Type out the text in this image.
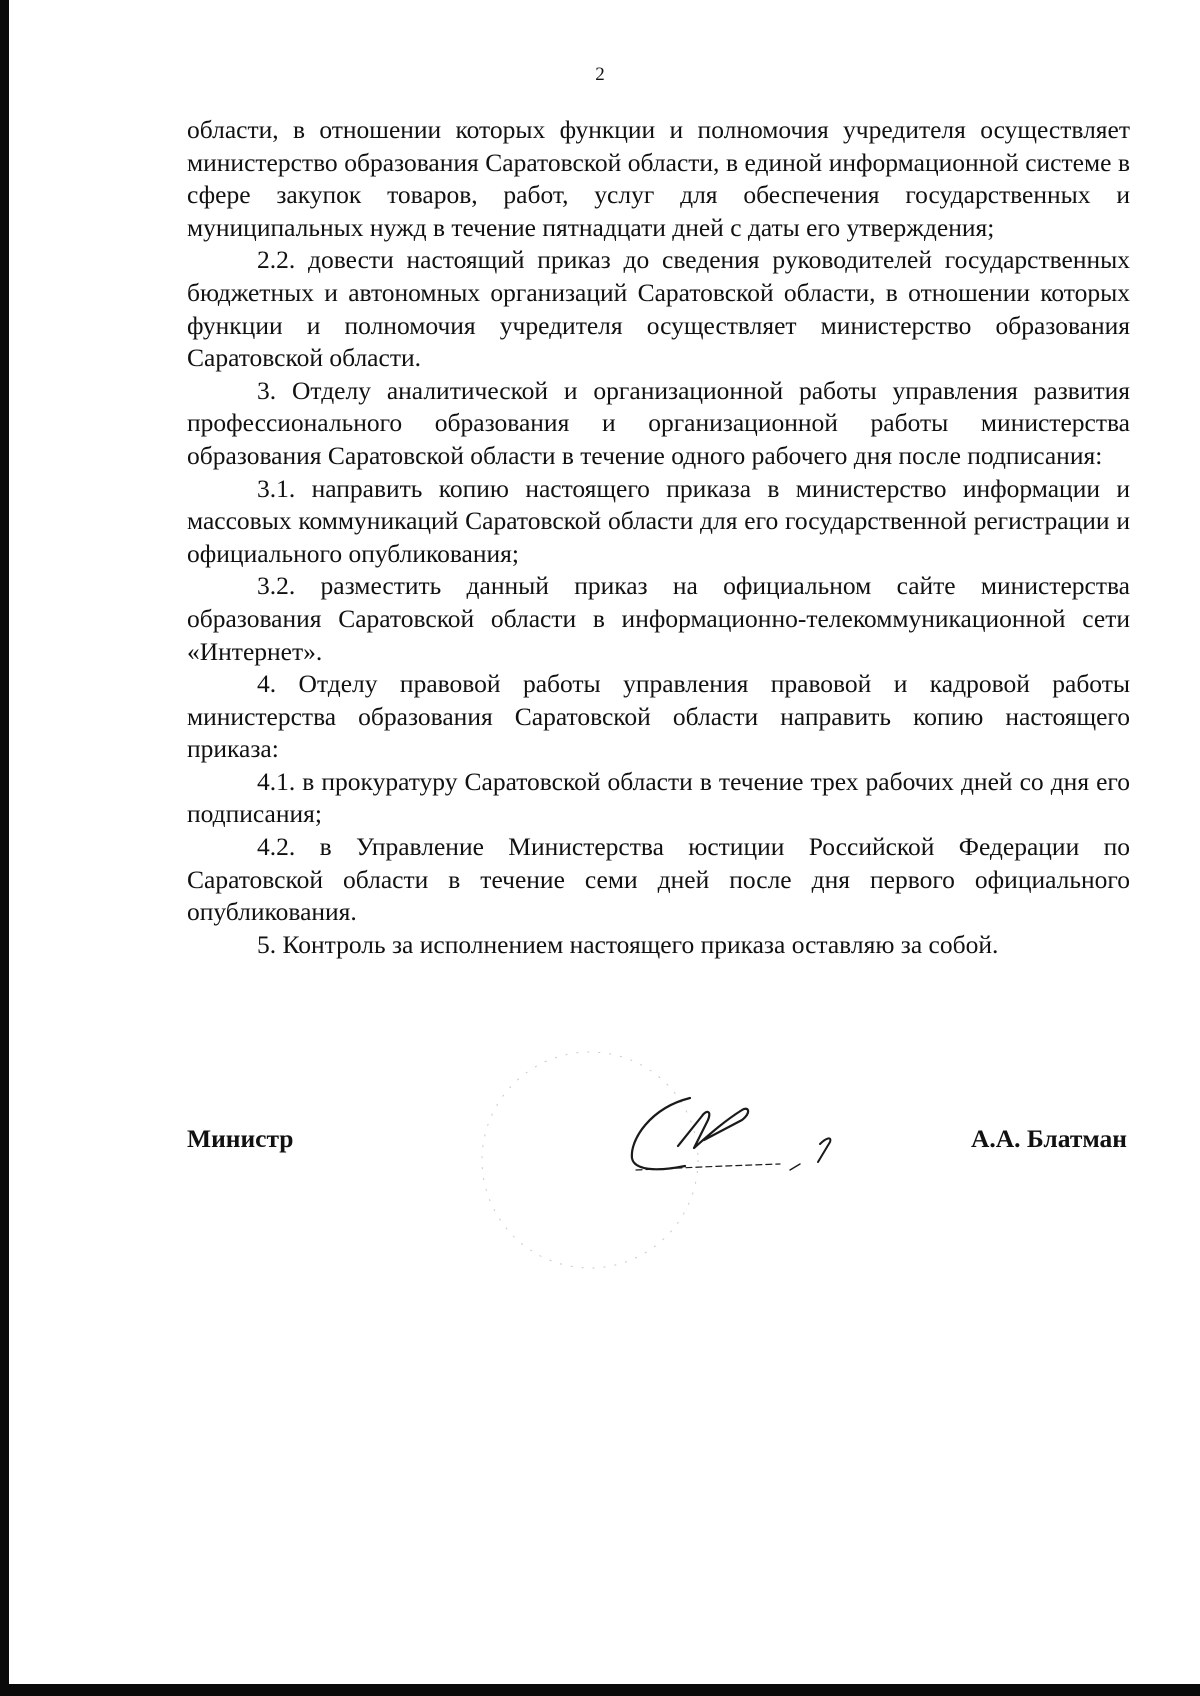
2

области, в отношении которых функции и полномочия учредителя осуществляет министерство образования Саратовской области, в единой информационной системе в сфере закупок товаров, работ, услуг для обеспечения государственных и муниципальных нужд в течение пятнадцати дней с даты его утверждения;

2.2. довести настоящий приказ до сведения руководителей государственных бюджетных и автономных организаций Саратовской области, в отношении которых функции и полномочия учредителя осуществляет министерство образования Саратовской области.

3. Отделу аналитической и организационной работы управления развития профессионального образования и организационной работы министерства образования Саратовской области в течение одного рабочего дня после подписания:

3.1. направить копию настоящего приказа в министерство информации и массовых коммуникаций Саратовской области для его государственной регистрации и официального опубликования;

3.2. разместить данный приказ на официальном сайте министерства образования Саратовской области в информационно-телекоммуникационной сети «Интернет».

4. Отделу правовой работы управления правовой и кадровой работы министерства образования Саратовской области направить копию настоящего приказа:

4.1. в прокуратуру Саратовской области в течение трех рабочих дней со дня его подписания;

4.2. в Управление Министерства юстиции Российской Федерации по Саратовской области в течение семи дней после дня первого официального опубликования.

5. Контроль за исполнением настоящего приказа оставляю за собой.

Министр	А.А. Блатман
